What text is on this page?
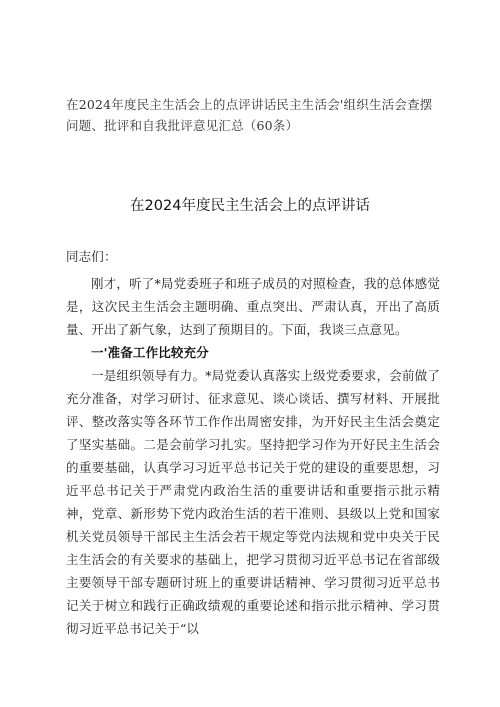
在2024年度民主生活会上的点评讲话民主生活会'组织生活会查摆问题、批评和自我批评意见汇总（60条）
在2024年度民主生活会上的点评讲话

同志们：

刚才，听了*局党委班子和班子成员的对照检查，我的总体感觉是，这次民主生活会主题明确、重点突出、严肃认真，开出了高质量、开出了新气象，达到了预期目的。下面，我谈三点意见。

一'准备工作比较充分

一是组织领导有力。*局党委认真落实上级党委要求，会前做了充分准备，对学习研讨、征求意见、谈心谈话、撰写材料、开展批评、整改落实等各环节工作作出周密安排，为开好民主生活会奠定了坚实基础。二是会前学习扎实。坚持把学习作为开好民主生活会的重要基础，认真学习习近平总书记关于党的建设的重要思想，习近平总书记关于严肃党内政治生活的重要讲话和重要指示批示精神，党章、新形势下党内政治生活的若干准则、县级以上党和国家机关党员领导干部民主生活会若干规定等党内法规和党中央关于民主生活会的有关要求的基础上，把学习贯彻习近平总书记在省部级主要领导干部专题研讨班上的重要讲话精神、学习贯彻习近平总书记关于树立和践行正确政绩观的重要论述和指示批示精神、学习贯彻习近平总书记关于“以
